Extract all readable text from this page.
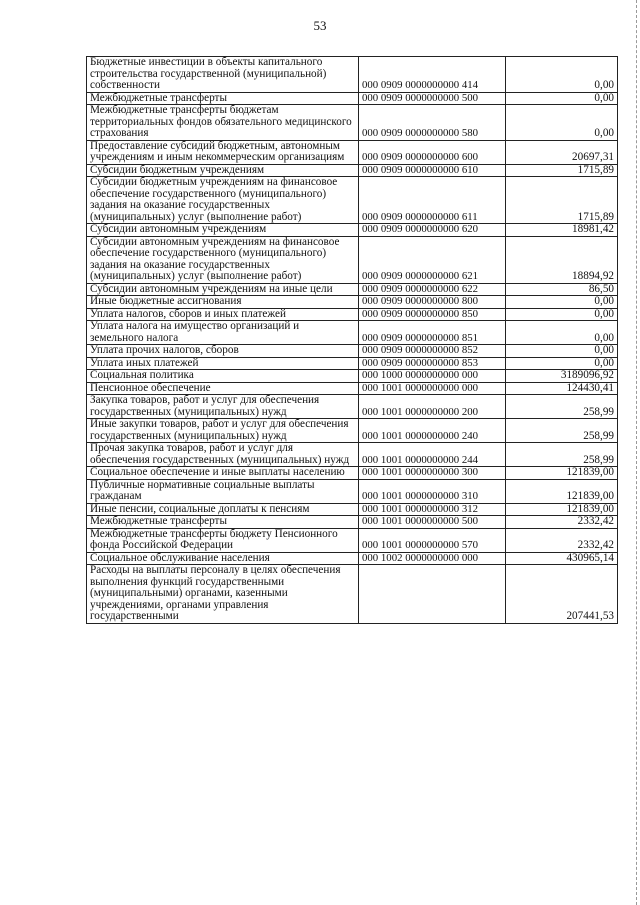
53
Бюджетные инвестиции в объекты капитального строительства государственной (муниципальной) собственности	000 0909 0000000000 414	0,00
Межбюджетные трансферты	000 0909 0000000000 500	0,00
Межбюджетные трансферты бюджетам территориальных фондов обязательного медицинского страхования	000 0909 0000000000 580	0,00
Предоставление субсидий бюджетным, автономным учреждениям и иным некоммерческим организациям	000 0909 0000000000 600	20697,31
Субсидии бюджетным учреждениям	000 0909 0000000000 610	1715,89
Субсидии бюджетным учреждениям на финансовое обеспечение государственного (муниципального) задания на оказание государственных (муниципальных) услуг (выполнение работ)	000 0909 0000000000 611	1715,89
Субсидии автономным учреждениям	000 0909 0000000000 620	18981,42
Субсидии автономным учреждениям на финансовое обеспечение государственного (муниципального) задания на оказание государственных (муниципальных) услуг (выполнение работ)	000 0909 0000000000 621	18894,92
Субсидии автономным учреждениям на иные цели	000 0909 0000000000 622	86,50
Иные бюджетные ассигнования	000 0909 0000000000 800	0,00
Уплата налогов, сборов и иных платежей	000 0909 0000000000 850	0,00
Уплата налога на имущество организаций и земельного налога	000 0909 0000000000 851	0,00
Уплата прочих налогов, сборов	000 0909 0000000000 852	0,00
Уплата иных платежей	000 0909 0000000000 853	0,00
Социальная политика	000 1000 0000000000 000	3189096,92
Пенсионное обеспечение	000 1001 0000000000 000	124430,41
Закупка товаров, работ и услуг для обеспечения государственных (муниципальных) нужд	000 1001 0000000000 200	258,99
Иные закупки товаров, работ и услуг для обеспечения государственных (муниципальных) нужд	000 1001 0000000000 240	258,99
Прочая закупка товаров, работ и услуг для обеспечения государственных (муниципальных) нужд	000 1001 0000000000 244	258,99
Социальное обеспечение и иные выплаты населению	000 1001 0000000000 300	121839,00
Публичные нормативные социальные выплаты гражданам	000 1001 0000000000 310	121839,00
Иные пенсии, социальные доплаты к пенсиям	000 1001 0000000000 312	121839,00
Межбюджетные трансферты	000 1001 0000000000 500	2332,42
Межбюджетные трансферты бюджету Пенсионного фонда Российской Федерации	000 1001 0000000000 570	2332,42
Социальное обслуживание населения	000 1002 0000000000 000	430965,14
Расходы на выплаты персоналу в целях обеспечения выполнения функций государственными (муниципальными) органами, казенными учреждениями, органами управления государственными		207441,53
